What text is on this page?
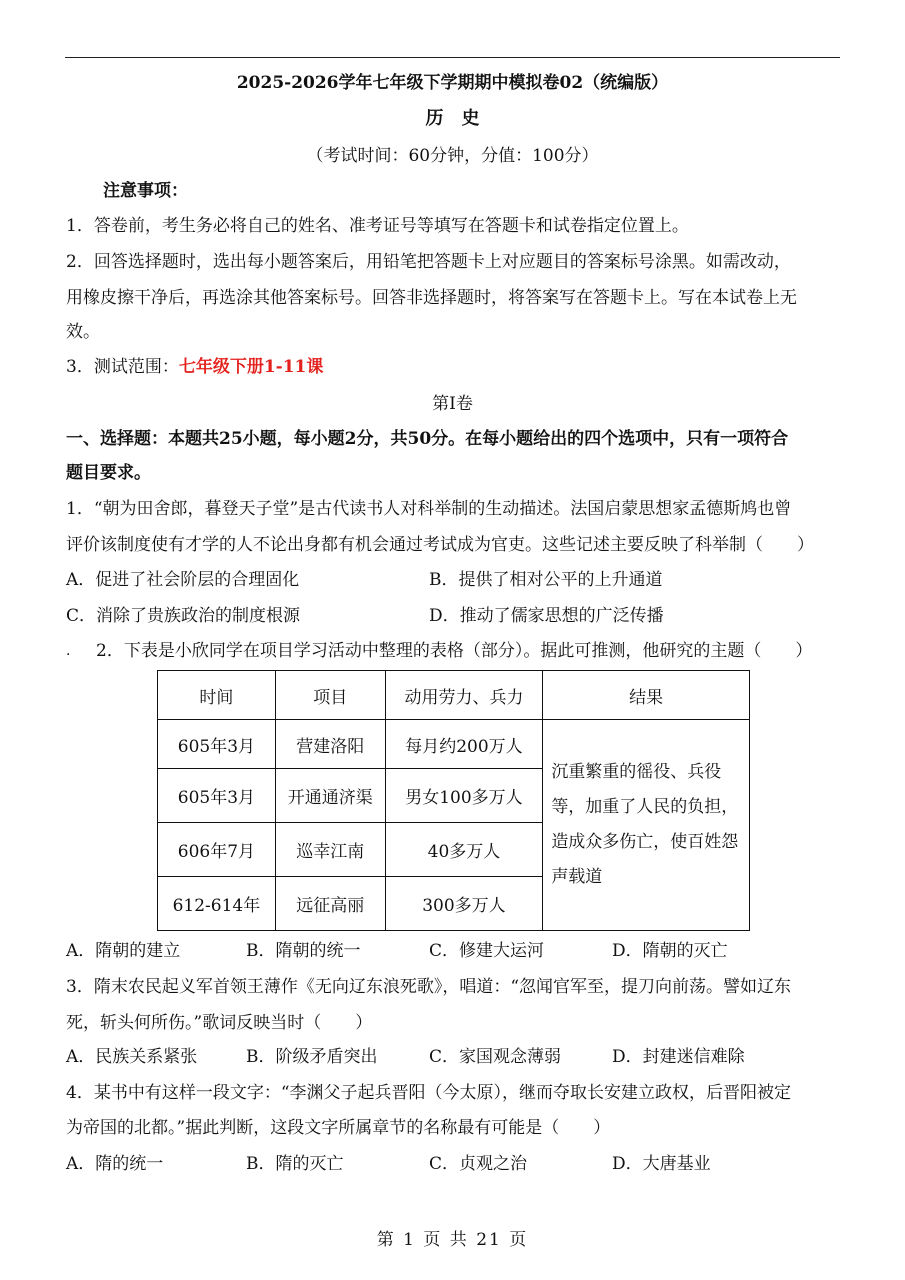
2025-2026学年七年级下学期期中模拟卷02（统编版）
历　史
（考试时间：60分钟，分值：100分）
注意事项：
1．答卷前，考生务必将自己的姓名、准考证号等填写在答题卡和试卷指定位置上。
2．回答选择题时，选出每小题答案后，用铅笔把答题卡上对应题目的答案标号涂黑。如需改动，
用橡皮擦干净后，再选涂其他答案标号。回答非选择题时，将答案写在答题卡上。写在本试卷上无
效。
3．测试范围：七年级下册1-11课
第Ⅰ卷
一、选择题：本题共25小题，每小题2分，共50分。在每小题给出的四个选项中，只有一项符合
题目要求。
1．“朝为田舍郎，暮登天子堂”是古代读书人对科举制的生动描述。法国启蒙思想家孟德斯鸠也曾
评价该制度使有才学的人不论出身都有机会通过考试成为官吏。这些记述主要反映了科举制（　　）
A．促进了社会阶层的合理固化	B．提供了相对公平的上升通道
C．消除了贵族政治的制度根源	D．推动了儒家思想的广泛传播
· 2．下表是小欣同学在项目学习活动中整理的表格（部分）。据此可推测，他研究的主题（　　）
时间	项目	动用劳力、兵力	结果
605年3月	营建洛阳	每月约200万人	沉重繁重的徭役、兵役等，加重了人民的负担，造成众多伤亡，使百姓怨声载道
605年3月	开通通济渠	男女100多万人	
606年7月	巡幸江南	40多万人	
612-614年	远征高丽	300多万人	
A．隋朝的建立	B．隋朝的统一	C．修建大运河	D．隋朝的灭亡
3．隋末农民起义军首领王薄作《无向辽东浪死歌》，唱道：“忽闻官军至，提刀向前荡。譬如辽东
死，斩头何所伤。”歌词反映当时（　　）
A．民族关系紧张	B．阶级矛盾突出	C．家国观念薄弱	D．封建迷信难除
4．某书中有这样一段文字：“李渊父子起兵晋阳（今太原），继而夺取长安建立政权，后晋阳被定
为帝国的北都。”据此判断，这段文字所属章节的名称最有可能是（　　）
A．隋的统一	B．隋的灭亡	C．贞观之治	D．大唐基业
第 1 页 共 21 页
